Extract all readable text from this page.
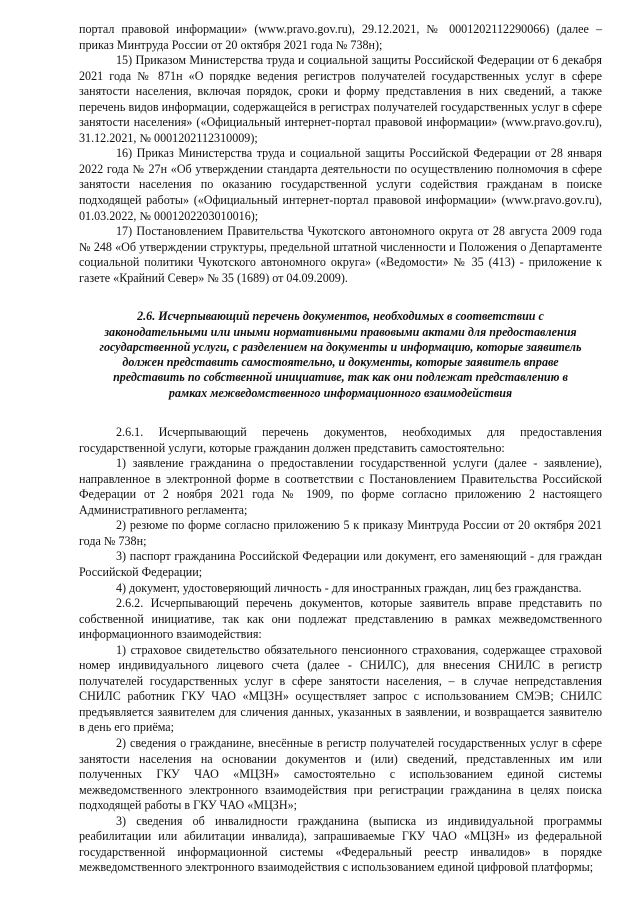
портал правовой информации» (www.pravo.gov.ru), 29.12.2021, № 0001202112290066) (далее – приказ Минтруда России от 20 октября 2021 года № 738н);

15) Приказом Министерства труда и социальной защиты Российской Федерации от 6 декабря 2021 года № 871н «О порядке ведения регистров получателей государственных услуг в сфере занятости населения, включая порядок, сроки и форму представления в них сведений, а также перечень видов информации, содержащейся в регистрах получателей государственных услуг в сфере занятости населения» («Официальный интернет-портал правовой информации» (www.pravo.gov.ru), 31.12.2021, № 0001202112310009);

16) Приказ Министерства труда и социальной защиты Российской Федерации от 28 января 2022 года № 27н «Об утверждении стандарта деятельности по осуществлению полномочия в сфере занятости населения по оказанию государственной услуги содействия гражданам в поиске подходящей работы» («Официальный интернет-портал правовой информации» (www.pravo.gov.ru), 01.03.2022, № 0001202203010016);

17) Постановлением Правительства Чукотского автономного округа от 28 августа 2009 года № 248 «Об утверждении структуры, предельной штатной численности и Положения о Департаменте социальной политики Чукотского автономного округа» («Ведомости» № 35 (413) - приложение к газете «Крайний Север» № 35 (1689) от 04.09.2009).

2.6. Исчерпывающий перечень документов, необходимых в соответствии с законодательными или иными нормативными правовыми актами для предоставления государственной услуги, с разделением на документы и информацию, которые заявитель должен представить самостоятельно, и документы, которые заявитель вправе представить по собственной инициативе, так как они подлежат представлению в рамках межведомственного информационного взаимодействия

2.6.1. Исчерпывающий перечень документов, необходимых для предоставления государственной услуги, которые гражданин должен представить самостоятельно:

1) заявление гражданина о предоставлении государственной услуги (далее - заявление), направленное в электронной форме в соответствии с Постановлением Правительства Российской Федерации от 2 ноября 2021 года № 1909, по форме согласно приложению 2 настоящего Административного регламента;

2) резюме по форме согласно приложению 5 к приказу Минтруда России от 20 октября 2021 года № 738н;

3) паспорт гражданина Российской Федерации или документ, его заменяющий - для граждан Российской Федерации;

4) документ, удостоверяющий личность - для иностранных граждан, лиц без гражданства.

2.6.2. Исчерпывающий перечень документов, которые заявитель вправе представить по собственной инициативе, так как они подлежат представлению в рамках межведомственного информационного взаимодействия:

1) страховое свидетельство обязательного пенсионного страхования, содержащее страховой номер индивидуального лицевого счета (далее - СНИЛС), для внесения СНИЛС в регистр получателей государственных услуг в сфере занятости населения, – в случае непредставления СНИЛС работник ГКУ ЧАО «МЦЗН» осуществляет запрос с использованием СМЭВ; СНИЛС предъявляется заявителем для сличения данных, указанных в заявлении, и возвращается заявителю в день его приёма;

2) сведения о гражданине, внесённые в регистр получателей государственных услуг в сфере занятости населения на основании документов и (или) сведений, представленных им или полученных ГКУ ЧАО «МЦЗН» самостоятельно с использованием единой системы межведомственного электронного взаимодействия при регистрации гражданина в целях поиска подходящей работы в ГКУ ЧАО «МЦЗН»;

3) сведения об инвалидности гражданина (выписка из индивидуальной программы реабилитации или абилитации инвалида), запрашиваемые ГКУ ЧАО «МЦЗН» из федеральной государственной информационной системы «Федеральный реестр инвалидов» в порядке межведомственного электронного взаимодействия с использованием единой цифровой платформы;
